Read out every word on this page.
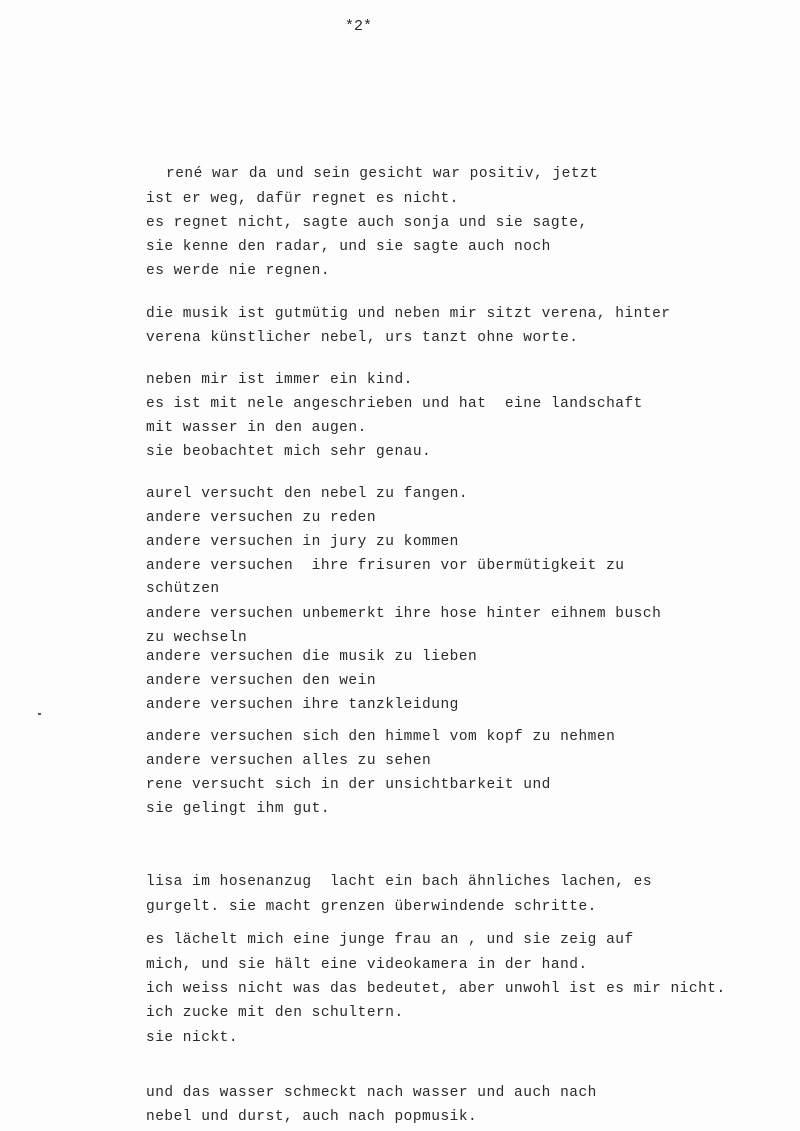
*2*
rené war da und sein gesicht war positiv, jetzt
ist er weg, dafür regnet es nicht.
es regnet nicht, sagte auch sonja und sie sagte,
sie kenne den radar, und sie sagte auch noch
es werde nie regnen.
die musik ist gutmütig und neben mir sitzt verena, hinter
verena künstlicher nebel, urs tanzt ohne worte.
neben mir ist immer ein kind.
es ist mit nele angeschrieben und hat  eine landschaft
mit wasser in den augen.
sie beobachtet mich sehr genau.
aurel versucht den nebel zu fangen.
andere versuchen zu reden
andere versuchen in jury zu kommen
andere versuchen  ihre frisuren vor übermütigkeit zu
schützen
andere versuchen unbemerkt ihre hose hinter eihnem busch
zu wechseln
andere versuchen die musik zu lieben
andere versuchen den wein
andere versuchen ihre tanzkleidung
andere versuchen sich den himmel vom kopf zu nehmen
andere versuchen alles zu sehen
rene versucht sich in der unsichtbarkeit und
sie gelingt ihm gut.
lisa im hosenanzug  lacht ein bach ähnliches lachen, es
gurgelt. sie macht grenzen überwindende schritte.
es lächelt mich eine junge frau an , und sie zeig auf
mich, und sie hält eine videokamera in der hand.
ich weiss nicht was das bedeutet, aber unwohl ist es mir nicht.
ich zucke mit den schultern.
sie nickt.
und das wasser schmeckt nach wasser und auch nach
nebel und durst, auch nach popmusik.
